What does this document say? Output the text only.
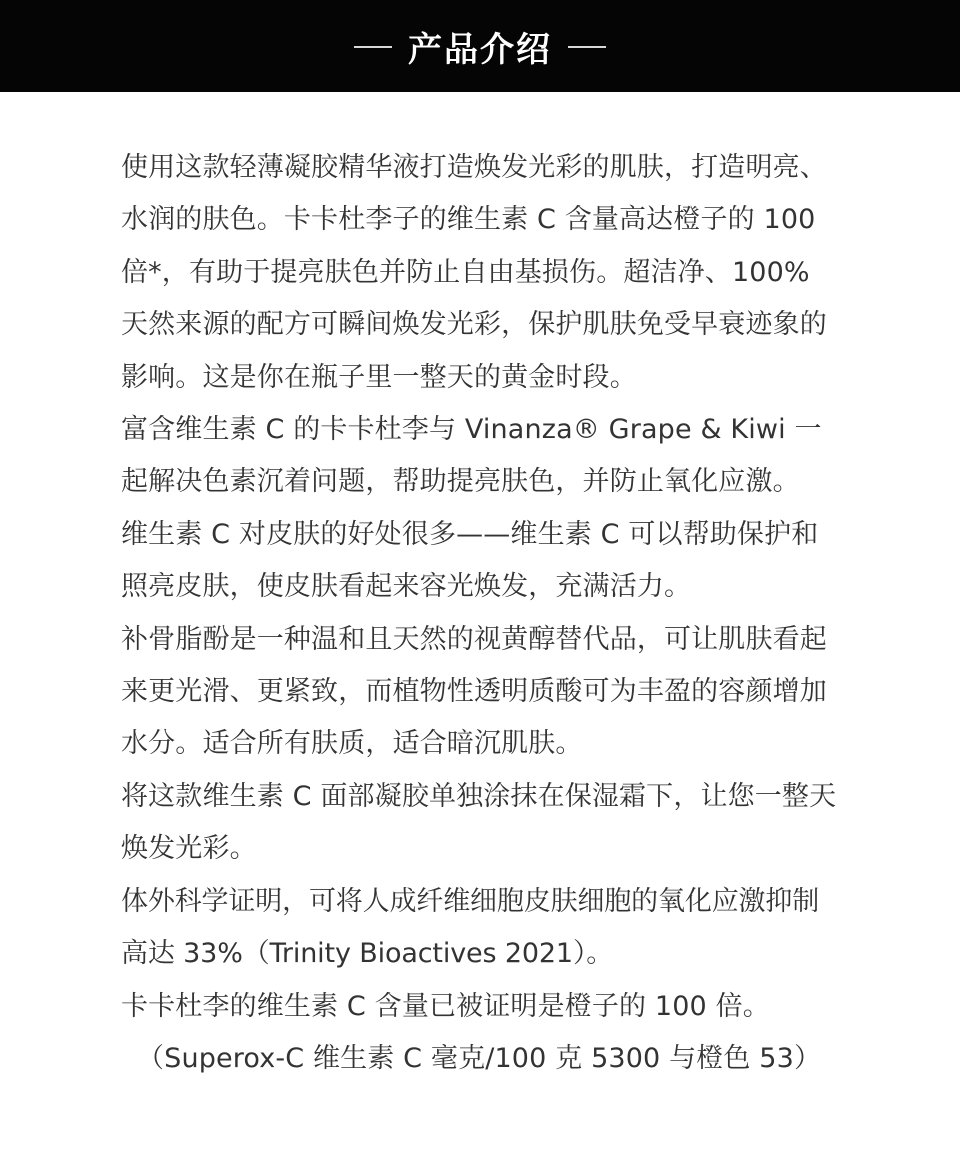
产品介绍

使用这款轻薄凝胶精华液打造焕发光彩的肌肤，打造明亮、水润的肤色。卡卡杜李子的维生素 C 含量高达橙子的 100 倍*，有助于提亮肤色并防止自由基损伤。超洁净、100% 天然来源的配方可瞬间焕发光彩，保护肌肤免受早衰迹象的影响。这是你在瓶子里一整天的黄金时段。

富含维生素 C 的卡卡杜李与 Vinanza® Grape & Kiwi 一起解决色素沉着问题，帮助提亮肤色，并防止氧化应激。

维生素 C 对皮肤的好处很多——维生素 C 可以帮助保护和照亮皮肤，使皮肤看起来容光焕发，充满活力。

补骨脂酚是一种温和且天然的视黄醇替代品，可让肌肤看起来更光滑、更紧致，而植物性透明质酸可为丰盈的容颜增加水分。适合所有肤质，适合暗沉肌肤。

将这款维生素 C 面部凝胶单独涂抹在保湿霜下，让您一整天焕发光彩。

体外科学证明，可将人成纤维细胞皮肤细胞的氧化应激抑制高达 33%（Trinity Bioactives 2021）。

卡卡杜李的维生素 C 含量已被证明是橙子的 100 倍。

（Superox-C 维生素 C 毫克/100 克 5300 与橙色 53）
